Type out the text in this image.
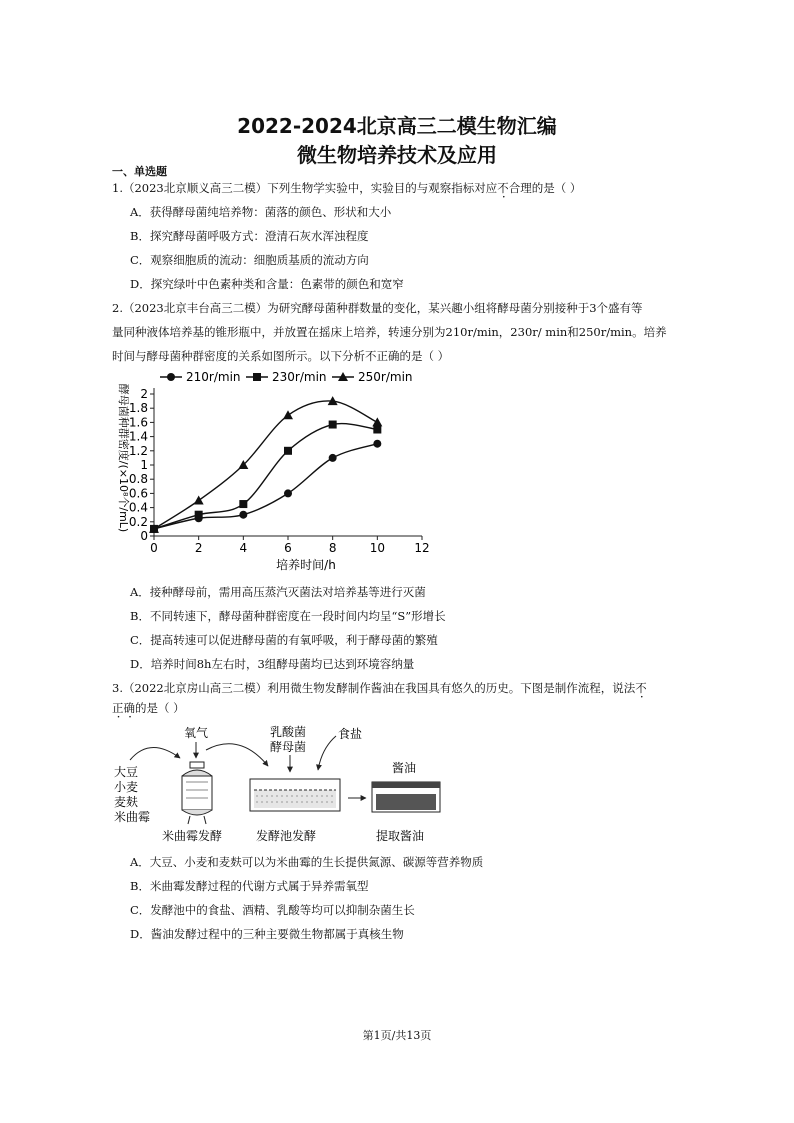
2022-2024北京高三二模生物汇编
微生物培养技术及应用
一、单选题
1.（2023北京顺义高三二模）下列生物学实验中，实验目的与观察指标对应不合理的是（ ）
A．获得酵母菌纯培养物：菌落的颜色、形状和大小
B．探究酵母菌呼吸方式：澄清石灰水浑浊程度
C．观察细胞质的流动：细胞质基质的流动方向
D．探究绿叶中色素种类和含量：色素带的颜色和宽窄
2.（2023北京丰台高三二模）为研究酵母菌种群数量的变化，某兴趣小组将酵母菌分别接种于3个盛有等
量同种液体培养基的锥形瓶中，并放置在摇床上培养，转速分别为210r/min，230r/ min和250r/min。培养
时间与酵母菌种群密度的关系如图所示。以下分析不正确的是（ ）
210r/min	230r/min	250r/min
0	2	4	6	8	10 12
0
0.2
0.4
0.6
0.8
1
1.2
1.4
1.6
1.8
2
酵母菌种群密度/(×10⁸个/mL)
培养时间/h
A．接种酵母前，需用高压蒸汽灭菌法对培养基等进行灭菌
B．不同转速下，酵母菌种群密度在一段时间内均呈“S”形增长
C．提高转速可以促进酵母菌的有氧呼吸，利于酵母菌的繁殖
D．培养时间8h左右时，3组酵母菌均已达到环境容纳量
3.（2022北京房山高三二模）利用微生物发酵制作酱油在我国具有悠久的历史。下图是制作流程，说法不
正确的是（ ）
大豆
小麦
麦麸
米曲霉
氧气
米曲霉发酵
乳酸菌
酵母菌
食盐
发酵池发酵
酱油
提取酱油
A．大豆、小麦和麦麸可以为米曲霉的生长提供氮源、碳源等营养物质
B．米曲霉发酵过程的代谢方式属于异养需氧型
C．发酵池中的食盐、酒精、乳酸等均可以抑制杂菌生长
D．酱油发酵过程中的三种主要微生物都属于真核生物
第1页/共13页
